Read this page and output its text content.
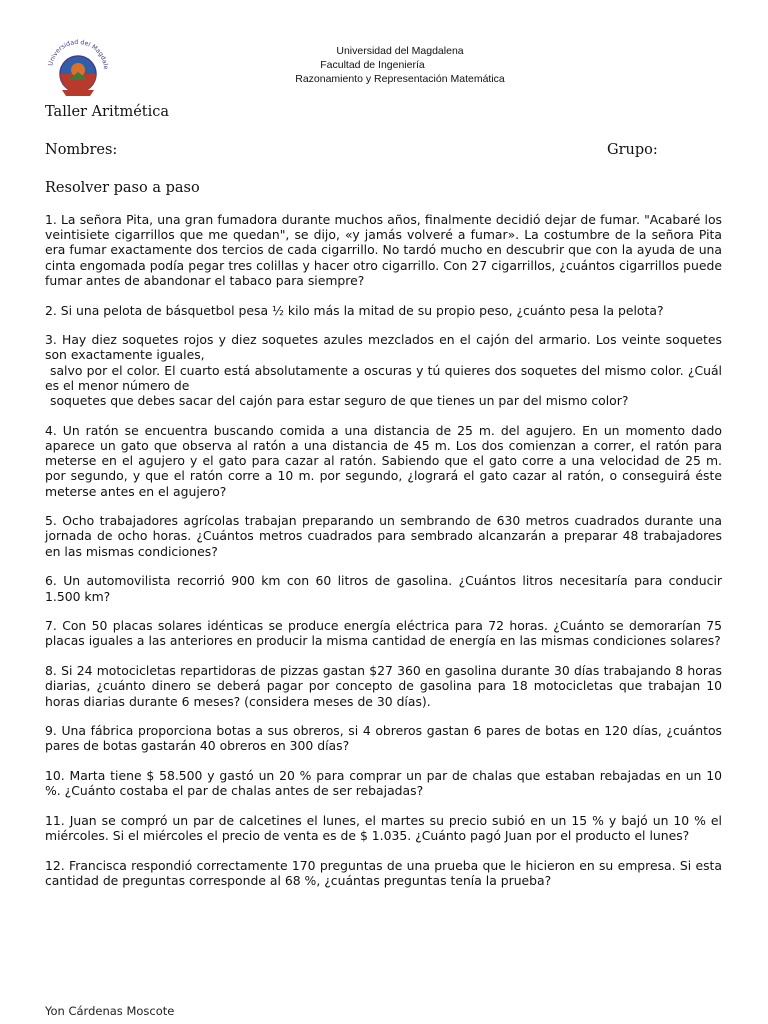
Universidad del Magdale
Universidad del Magdalena
Facultad de Ingeniería
Razonamiento y Representación Matemática
Taller Aritmética
Nombres:	Grupo:
Resolver paso a paso
1. La señora Pita, una gran fumadora durante muchos años, finalmente decidió dejar de fumar. "Acabaré los veintisiete cigarrillos que me quedan", se dijo, «y jamás volveré a fumar». La costumbre de la señora Pita era fumar exactamente dos tercios de cada cigarrillo. No tardó mucho en descubrir que con la ayuda de una cinta engomada podía pegar tres colillas y hacer otro cigarrillo. Con 27 cigarrillos, ¿cuántos cigarrillos puede fumar antes de abandonar el tabaco para siempre?
2. Si una pelota de básquetbol pesa ½ kilo más la mitad de su propio peso, ¿cuánto pesa la pelota?
3. Hay diez soquetes rojos y diez soquetes azules mezclados en el cajón del armario. Los veinte soquetes son exactamente iguales,
salvo por el color. El cuarto está absolutamente a oscuras y tú quieres dos soquetes del mismo color. ¿Cuál es el menor número de
soquetes que debes sacar del cajón para estar seguro de que tienes un par del mismo color?
4. Un ratón se encuentra buscando comida a una distancia de 25 m. del agujero. En un momento dado aparece un gato que observa al ratón a una distancia de 45 m. Los dos comienzan a correr, el ratón para meterse en el agujero y el gato para cazar al ratón. Sabiendo que el gato corre a una velocidad de 25 m. por segundo, y que el ratón corre a 10 m. por segundo, ¿logrará el gato cazar al ratón, o conseguirá éste meterse antes en el agujero?
5. Ocho trabajadores agrícolas trabajan preparando un sembrando de 630 metros cuadrados durante una jornada de ocho horas. ¿Cuántos metros cuadrados para sembrado alcanzarán a preparar 48 trabajadores en las mismas condiciones?
6. Un automovilista recorrió 900 km con 60 litros de gasolina. ¿Cuántos litros necesitaría para conducir 1.500 km?
7. Con 50 placas solares idénticas se produce energía eléctrica para 72 horas. ¿Cuánto se demorarían 75 placas iguales a las anteriores en producir la misma cantidad de energía en las mismas condiciones solares?
8. Si 24 motocicletas repartidoras de pizzas gastan $27 360 en gasolina durante 30 días trabajando 8 horas diarias, ¿cuánto dinero se deberá pagar por concepto de gasolina para 18 motocicletas que trabajan 10 horas diarias durante 6 meses? (considera meses de 30 días).
9. Una fábrica proporciona botas a sus obreros, si 4 obreros gastan 6 pares de botas en 120 días, ¿cuántos pares de botas gastarán 40 obreros en 300 días?
10. Marta tiene $ 58.500 y gastó un 20 % para comprar un par de chalas que estaban rebajadas en un 10 %. ¿Cuánto costaba el par de chalas antes de ser rebajadas?
11. Juan se compró un par de calcetines el lunes, el martes su precio subió en un 15 % y bajó un 10 % el miércoles. Si el miércoles el precio de venta es de $ 1.035. ¿Cuánto pagó Juan por el producto el lunes?
12. Francisca respondió correctamente 170 preguntas de una prueba que le hicieron en su empresa. Si esta cantidad de preguntas corresponde al 68 %, ¿cuántas preguntas tenía la prueba?
Yon Cárdenas Moscote
